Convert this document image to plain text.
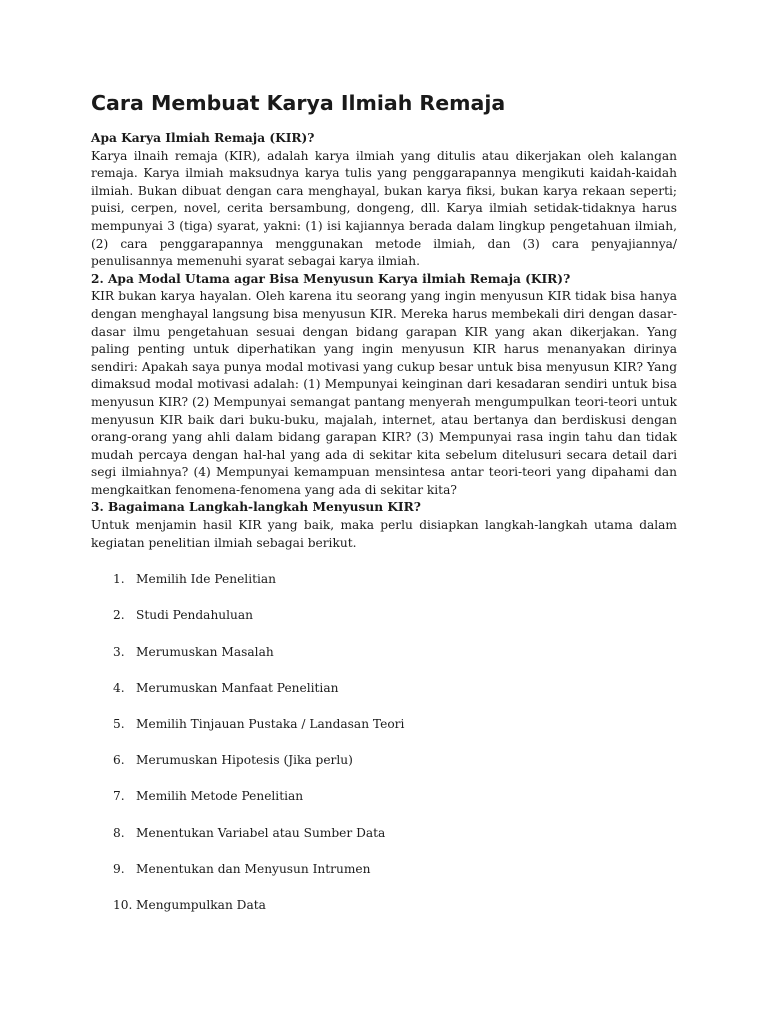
Cara Membuat Karya Ilmiah Remaja
Apa Karya Ilmiah Remaja (KIR)?

Karya ilnaih remaja (KIR), adalah karya ilmiah yang ditulis atau dikerjakan oleh kalangan remaja. Karya ilmiah maksudnya karya tulis yang penggarapannya mengikuti kaidah-kaidah ilmiah. Bukan dibuat dengan cara menghayal, bukan karya fiksi, bukan karya rekaan seperti; puisi, cerpen, novel, cerita bersambung, dongeng, dll. Karya ilmiah setidak-tidaknya harus mempunyai 3 (tiga) syarat, yakni: (1) isi kajiannya berada dalam lingkup pengetahuan ilmiah, (2) cara penggarapannya menggunakan metode ilmiah, dan (3) cara penyajiannya/ penulisannya memenuhi syarat sebagai karya ilmiah.

2. Apa Modal Utama agar Bisa Menyusun Karya ilmiah Remaja (KIR)?

KIR bukan karya hayalan. Oleh karena itu seorang yang ingin menyusun KIR tidak bisa hanya dengan menghayal langsung bisa menyusun KIR. Mereka harus membekali diri dengan dasar-dasar ilmu pengetahuan sesuai dengan bidang garapan KIR yang akan dikerjakan. Yang paling penting untuk diperhatikan yang ingin menyusun KIR harus menanyakan dirinya sendiri: Apakah saya punya modal motivasi yang cukup besar untuk bisa menyusun KIR? Yang dimaksud modal motivasi adalah: (1) Mempunyai keinginan dari kesadaran sendiri untuk bisa menyusun KIR? (2) Mempunyai semangat pantang menyerah mengumpulkan teori-teori untuk menyusun KIR baik dari buku-buku, majalah, internet, atau bertanya dan berdiskusi dengan orang-orang yang ahli dalam bidang garapan KIR? (3) Mempunyai rasa ingin tahu dan tidak mudah percaya dengan hal-hal yang ada di sekitar kita sebelum ditelusuri secara detail dari segi ilmiahnya? (4) Mempunyai kemampuan mensintesa antar teori-teori yang dipahami dan mengkaitkan fenomena-fenomena yang ada di sekitar kita?

3. Bagaimana Langkah-langkah Menyusun KIR?

Untuk menjamin hasil KIR yang baik, maka perlu disiapkan langkah-langkah utama dalam kegiatan penelitian ilmiah sebagai berikut.

1. Memilih Ide Penelitian
2. Studi Pendahuluan
3. Merumuskan Masalah
4. Merumuskan Manfaat Penelitian
5. Memilih Tinjauan Pustaka / Landasan Teori
6. Merumuskan Hipotesis (Jika perlu)
7. Memilih Metode Penelitian
8. Menentukan Variabel atau Sumber Data
9. Menentukan dan Menyusun Intrumen
10. Mengumpulkan Data
